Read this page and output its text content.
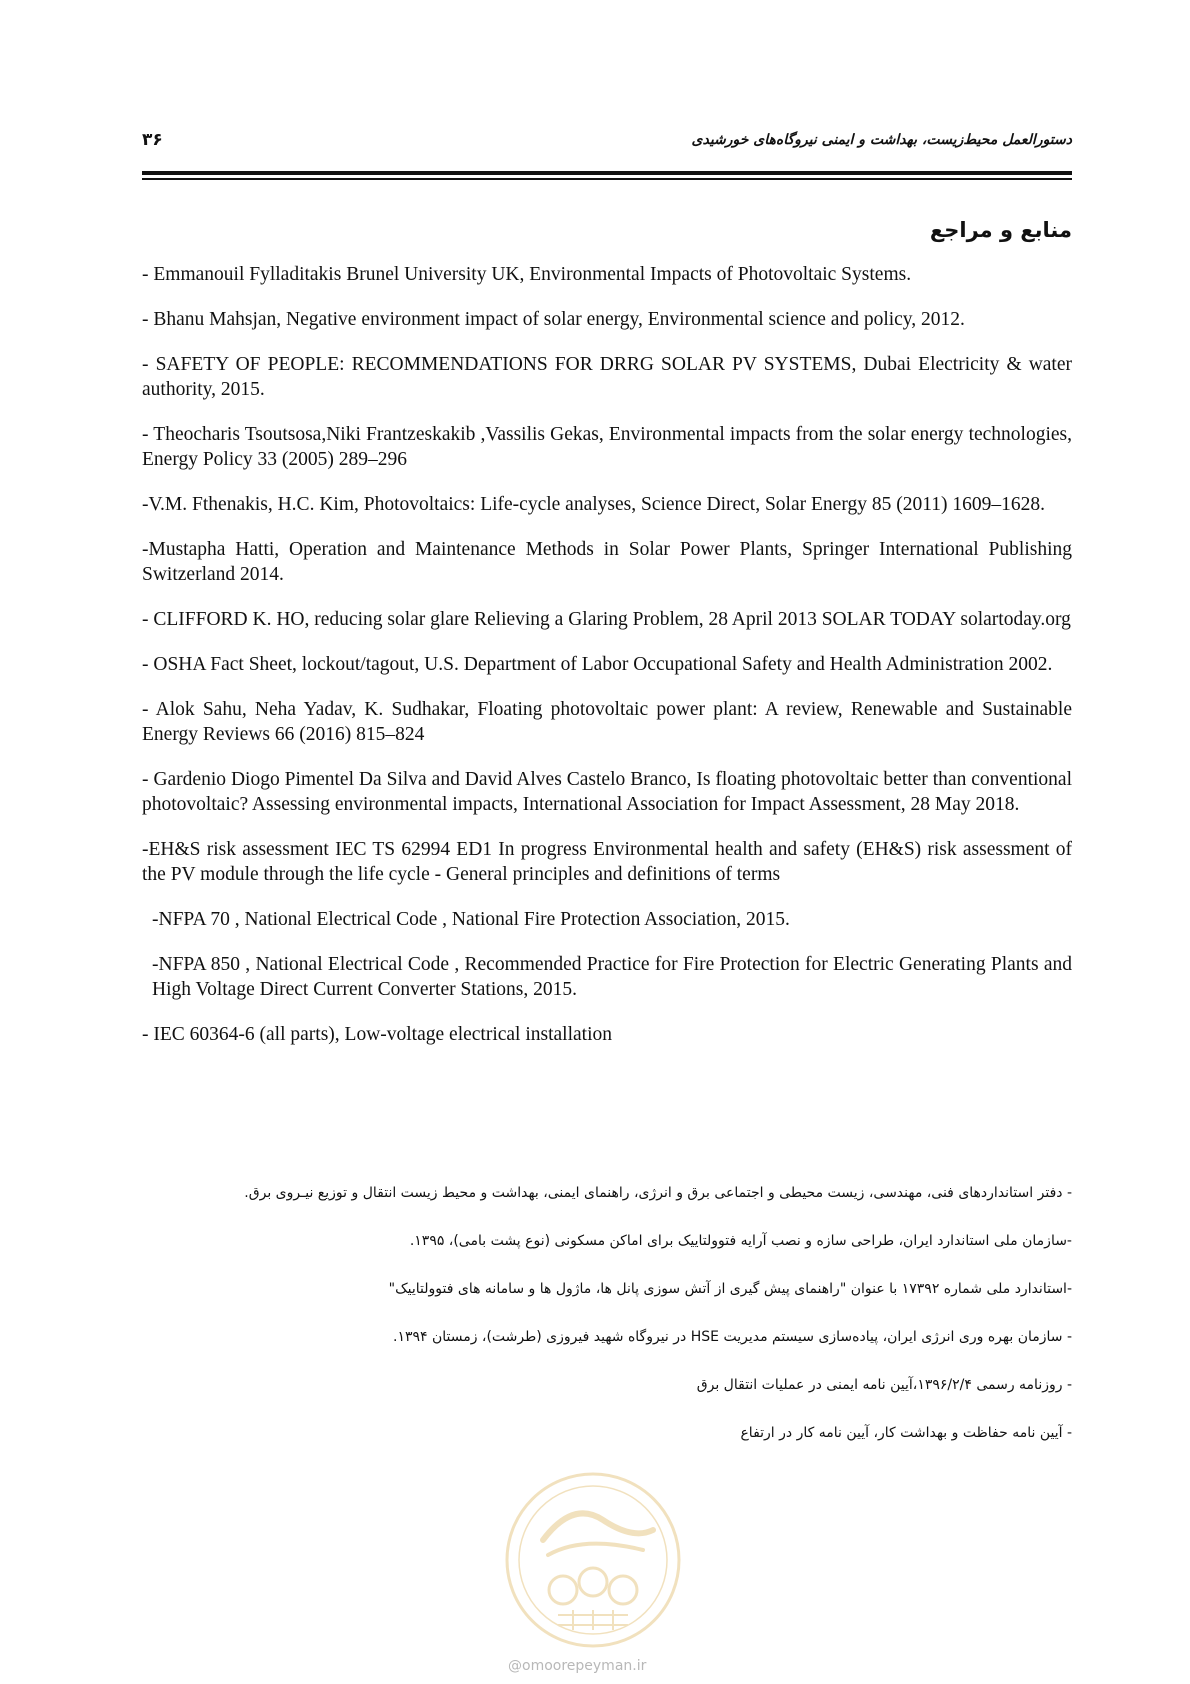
۳۶	دستورالعمل محیط‌زیست، بهداشت و ایمنی نیروگاه‌های خورشیدی
منابع و مراجع
- Emmanouil Fylladitakis Brunel University UK, Environmental Impacts of Photovoltaic Systems.
- Bhanu Mahsjan, Negative environment impact of solar energy, Environmental science and policy, 2012.
- SAFETY OF PEOPLE: RECOMMENDATIONS FOR DRRG SOLAR PV SYSTEMS, Dubai Electricity & water authority, 2015.
- Theocharis Tsoutsosa,Niki Frantzeskakib ,Vassilis Gekas, Environmental impacts from the solar energy technologies, Energy Policy 33 (2005) 289–296
-V.M. Fthenakis, H.C. Kim, Photovoltaics: Life-cycle analyses, Science Direct, Solar Energy 85 (2011) 1609–1628.
-Mustapha Hatti, Operation and Maintenance Methods in Solar Power Plants, Springer International Publishing Switzerland 2014.
- CLIFFORD K. HO, reducing solar glare Relieving a Glaring Problem, 28 April 2013 SOLAR TODAY solartoday.org
- OSHA Fact Sheet, lockout/tagout, U.S. Department of Labor Occupational Safety and Health Administration 2002.
- Alok Sahu, Neha Yadav, K. Sudhakar, Floating photovoltaic power plant: A review, Renewable and Sustainable Energy Reviews 66 (2016) 815–824
- Gardenio Diogo Pimentel Da Silva and David Alves Castelo Branco, Is floating photovoltaic better than conventional photovoltaic? Assessing environmental impacts, International Association for Impact Assessment, 28 May 2018.
-EH&S risk assessment IEC TS 62994 ED1 In progress Environmental health and safety (EH&S) risk assessment of the PV module through the life cycle - General principles and definitions of terms
-NFPA 70 , National Electrical Code , National Fire Protection Association, 2015.
-NFPA 850 , National Electrical Code , Recommended Practice for Fire Protection for Electric Generating Plants and High Voltage Direct Current Converter Stations, 2015.
- IEC 60364-6 (all parts), Low-voltage electrical installation
- دفتر استانداردهای فنی، مهندسی، زیست محیطی و اجتماعی برق و انرژی، راهنمای ایمنی، بهداشت و محیط زیست انتقال و توزیع نیـروی برق.
-سازمان ملی استاندارد ایران، طراحی سازه و نصب آرایه فتوولتاییک برای اماکن مسکونی (نوع پشت بامی)، ۱۳۹۵.
-استاندارد ملی شماره ۱۷۳۹۲ با عنوان "راهنمای پیش گیری از آتش سوزی پانل ها، ماژول ها و سامانه های فتوولتاییک"
- سازمان بهره وری انرژی ایران، پیاده‌سازی سیستم مدیریت HSE در نیروگاه شهید فیروزی (طرشت)، زمستان ۱۳۹۴.
- روزنامه رسمی ۱۳۹۶/۲/۴،آیین نامه ایمنی در عملیات انتقال برق
- آیین نامه حفاظت و بهداشت کار، آیین نامه کار در ارتفاع
@omoorepeyman.ir
